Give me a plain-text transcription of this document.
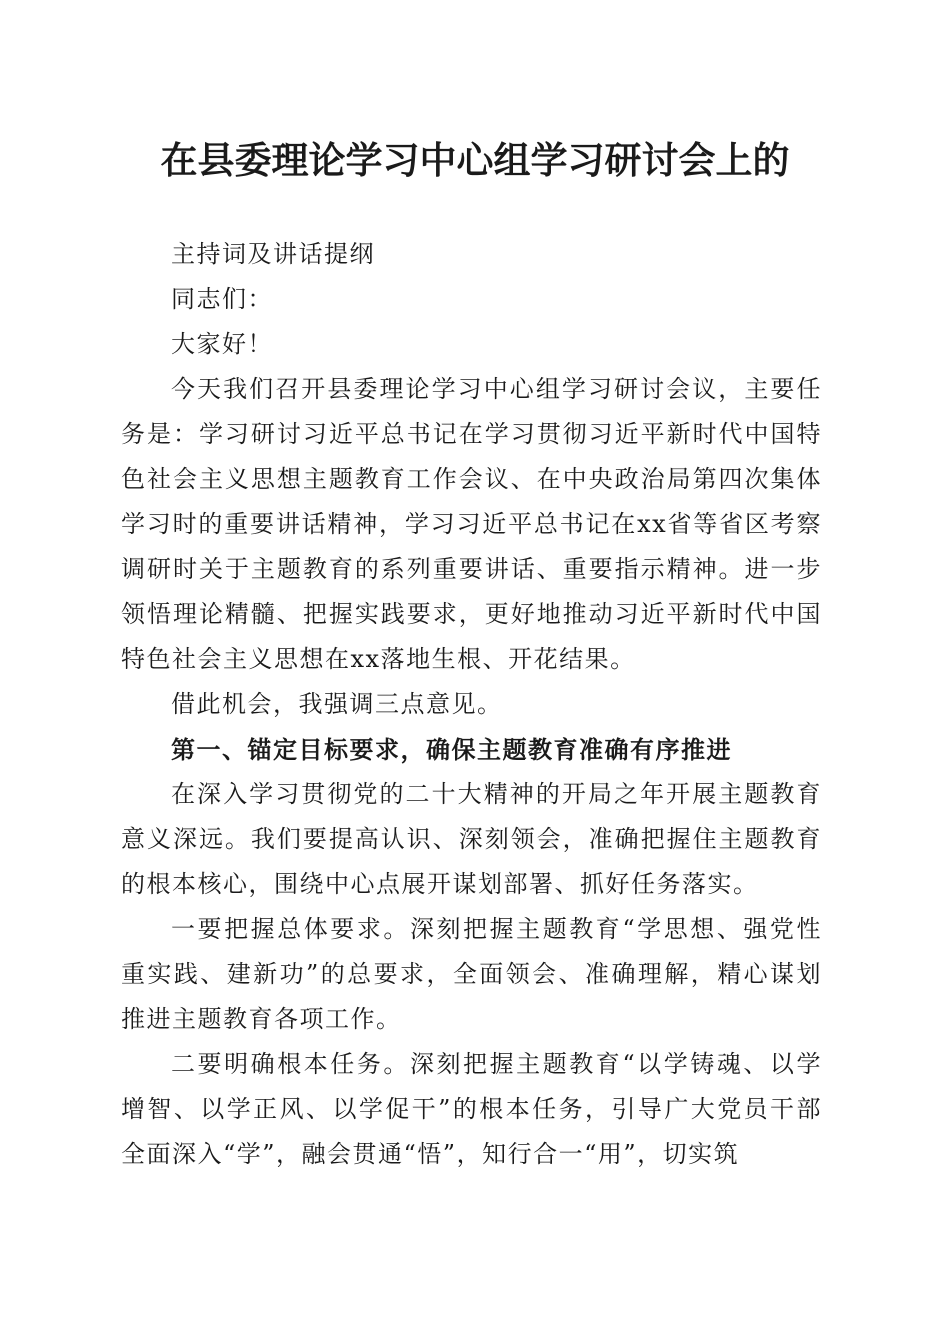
在县委理论学习中心组学习研讨会上的

主持词及讲话提纲

同志们：

大家好！

今天我们召开县委理论学习中心组学习研讨会议，主要任务是：学习研讨习近平总书记在学习贯彻习近平新时代中国特色社会主义思想主题教育工作会议、在中央政治局第四次集体学习时的重要讲话精神，学习习近平总书记在xx省等省区考察调研时关于主题教育的系列重要讲话、重要指示精神。进一步领悟理论精髓、把握实践要求，更好地推动习近平新时代中国特色社会主义思想在xx落地生根、开花结果。

借此机会，我强调三点意见。

第一、锚定目标要求，确保主题教育准确有序推进

在深入学习贯彻党的二十大精神的开局之年开展主题教育意义深远。我们要提高认识、深刻领会，准确把握住主题教育的根本核心，围绕中心点展开谋划部署、抓好任务落实。

一要把握总体要求。深刻把握主题教育“学思想、强党性重实践、建新功”的总要求，全面领会、准确理解，精心谋划推进主题教育各项工作。

二要明确根本任务。深刻把握主题教育“以学铸魂、以学增智、以学正风、以学促干”的根本任务，引导广大党员干部全面深入“学”，融会贯通“悟”，知行合一“用”，切实筑
